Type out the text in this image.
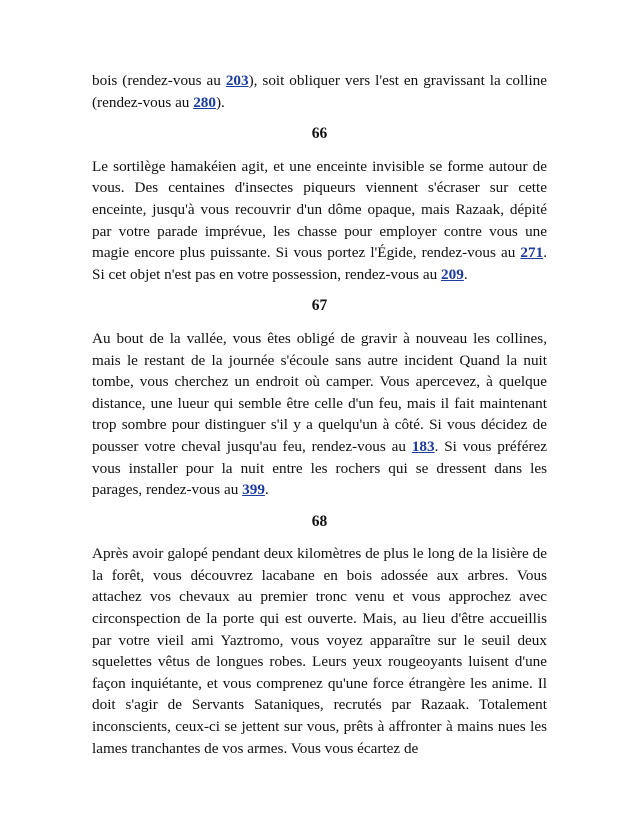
bois (rendez-vous au 203), soit obliquer vers l'est en gravissant la colline (rendez-vous au 280).

66

Le sortilège hamakéien agit, et une enceinte invisible se forme autour de vous. Des centaines d'insectes piqueurs viennent s'écraser sur cette enceinte, jusqu'à vous recouvrir d'un dôme opaque, mais Razaak, dépité par votre parade imprévue, les chasse pour employer contre vous une magie encore plus puissante. Si vous portez l'Égide, rendez-vous au 271. Si cet objet n'est pas en votre possession, rendez-vous au 209.

67

Au bout de la vallée, vous êtes obligé de gravir à nouveau les collines, mais le restant de la journée s'écoule sans autre incident Quand la nuit tombe, vous cherchez un endroit où camper. Vous apercevez, à quelque distance, une lueur qui semble être celle d'un feu, mais il fait maintenant trop sombre pour distinguer s'il y a quelqu'un à côté. Si vous décidez de pousser votre cheval jusqu'au feu, rendez-vous au 183. Si vous préférez vous installer pour la nuit entre les rochers qui se dressent dans les parages, rendez-vous au 399.

68

Après avoir galopé pendant deux kilomètres de plus le long de la lisière de la forêt, vous découvrez lacabane en bois adossée aux arbres. Vous attachez vos chevaux au premier tronc venu et vous approchez avec circonspection de la porte qui est ouverte. Mais, au lieu d'être accueillis par votre vieil ami Yaztromo, vous voyez apparaître sur le seuil deux squelettes vêtus de longues robes. Leurs yeux rougeoyants luisent d'une façon inquiétante, et vous comprenez qu'une force étrangère les anime. Il doit s'agir de Servants Sataniques, recrutés par Razaak. Totalement inconscients, ceux-ci se jettent sur vous, prêts à affronter à mains nues les lames tranchantes de vos armes. Vous vous écartez de
